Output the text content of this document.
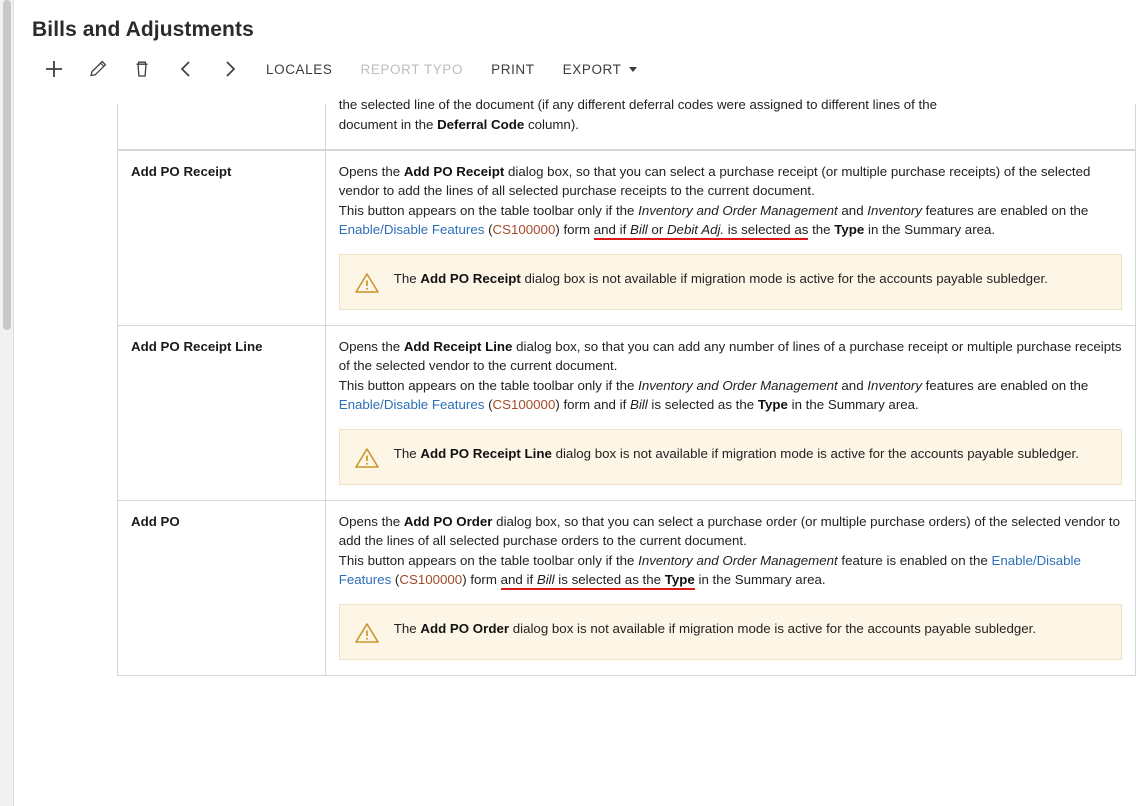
Bills and Adjustments
LOCALES	REPORT TYPO	PRINT	EXPORT

the selected line of the document (if any different deferral codes were assigned to different lines of the
document in the Deferral Code column).
Add PO Receipt	Opens the Add PO Receipt dialog box, so that you can select a purchase receipt (or multiple purchase receipts) of the selected vendor to add the lines of all selected purchase receipts to the current document.
This button appears on the table toolbar only if the Inventory and Order Management and Inventory features are enabled on the Enable/Disable Features (CS100000) form and if Bill or Debit Adj. is selected as the Type in the Summary area.
The Add PO Receipt dialog box is not available if migration mode is active for the accounts payable subledger.

Add PO Receipt Line	Opens the Add Receipt Line dialog box, so that you can add any number of lines of a purchase receipt or multiple purchase receipts of the selected vendor to the current document.
This button appears on the table toolbar only if the Inventory and Order Management and Inventory features are enabled on the Enable/Disable Features (CS100000) form and if Bill is selected as the Type in the Summary area.
The Add PO Receipt Line dialog box is not available if migration mode is active for the accounts payable subledger.

Add PO	Opens the Add PO Order dialog box, so that you can select a purchase order (or multiple purchase orders) of the selected vendor to add the lines of all selected purchase orders to the current document.
This button appears on the table toolbar only if the Inventory and Order Management feature is enabled on the Enable/Disable Features (CS100000) form and if Bill is selected as the Type in the Summary area.
The Add PO Order dialog box is not available if migration mode is active for the accounts payable subledger.
